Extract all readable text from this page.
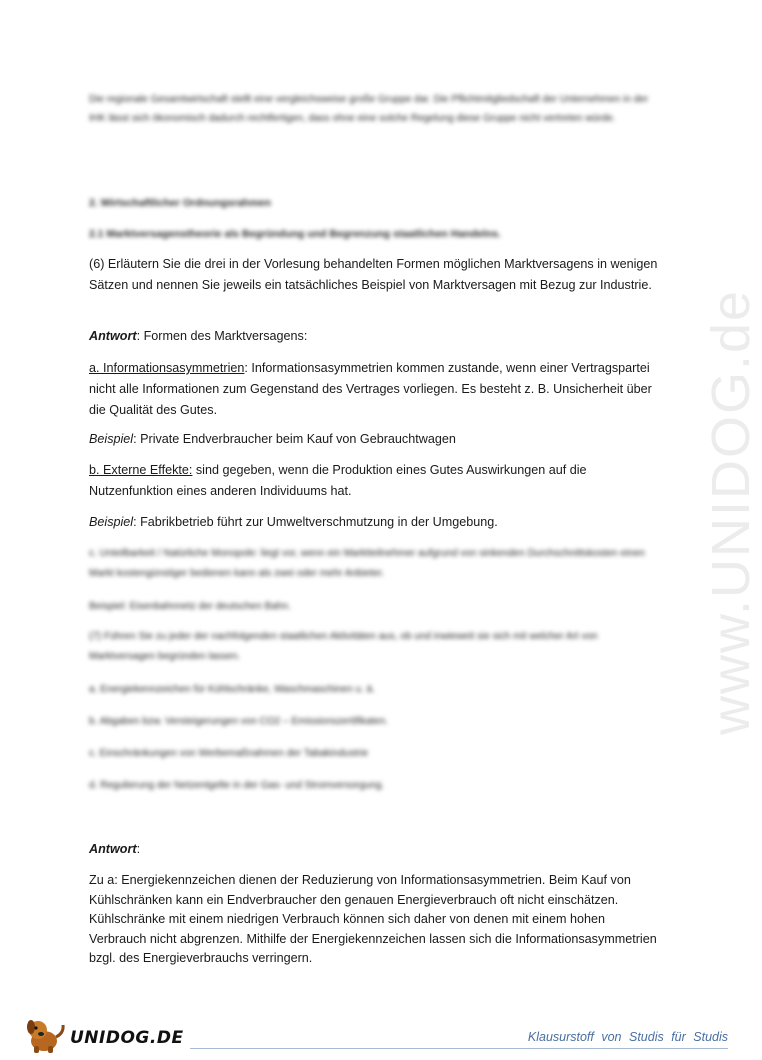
www.UNIDOG.de

Die regionale Gesamtwirtschaft stellt eine vergleichsweise große Gruppe dar. Die Pflichtmitgliedschaft der Unternehmen in der IHK lässt sich ökonomisch dadurch rechtfertigen, dass ohne eine solche Regelung diese Gruppe nicht vertreten würde.

2. Wirtschaftlicher Ordnungsrahmen

2.1 Marktversagenstheorie als Begründung und Begrenzung staatlichen Handelns.

(6) Erläutern Sie die drei in der Vorlesung behandelten Formen möglichen Marktversagens in wenigen Sätzen und nennen Sie jeweils ein tatsächliches Beispiel von Marktversagen mit Bezug zur Industrie.

Antwort: Formen des Marktversagens:

a. Informationsasymmetrien: Informationsasymmetrien kommen zustande, wenn einer Vertragspartei nicht alle Informationen zum Gegenstand des Vertrages vorliegen. Es besteht z. B. Unsicherheit über die Qualität des Gutes.

Beispiel: Private Endverbraucher beim Kauf von Gebrauchtwagen

b. Externe Effekte: sind gegeben, wenn die Produktion eines Gutes Auswirkungen auf die Nutzenfunktion eines anderen Individuums hat.

Beispiel: Fabrikbetrieb führt zur Umweltverschmutzung in der Umgebung.

c. Unteilbarkeit / Natürliche Monopole: liegt vor, wenn ein Marktteilnehmer aufgrund von sinkenden Durchschnittskosten einen Markt kostengünstiger bedienen kann als zwei oder mehr Anbieter.

Beispiel: Eisenbahnnetz der deutschen Bahn.

(7) Führen Sie zu jeder der nachfolgenden staatlichen Aktivitäten aus, ob und inwieweit sie sich mit welcher Art von Marktversagen begründen lassen.

a. Energiekennzeichen für Kühlschränke, Waschmaschinen u. ä.

b. Abgaben bzw. Versteigerungen von CO2 – Emissionszertifikaten.

c. Einschränkungen von Werbemaßnahmen der Tabakindustrie

d. Regulierung der Netzentgelte in der Gas- und Stromversorgung.

Antwort:

Zu a: Energiekennzeichen dienen der Reduzierung von Informationsasymmetrien. Beim Kauf von Kühlschränken kann ein Endverbraucher den genauen Energieverbrauch oft nicht einschätzen. Kühlschränke mit einem niedrigen Verbrauch können sich daher von denen mit einem hohen Verbrauch nicht abgrenzen. Mithilfe der Energiekennzeichen lassen sich die Informationsasymmetrien bzgl. des Energieverbrauchs verringern.

UNIDOG.DE	Klausurstoff von Studis für Studis
